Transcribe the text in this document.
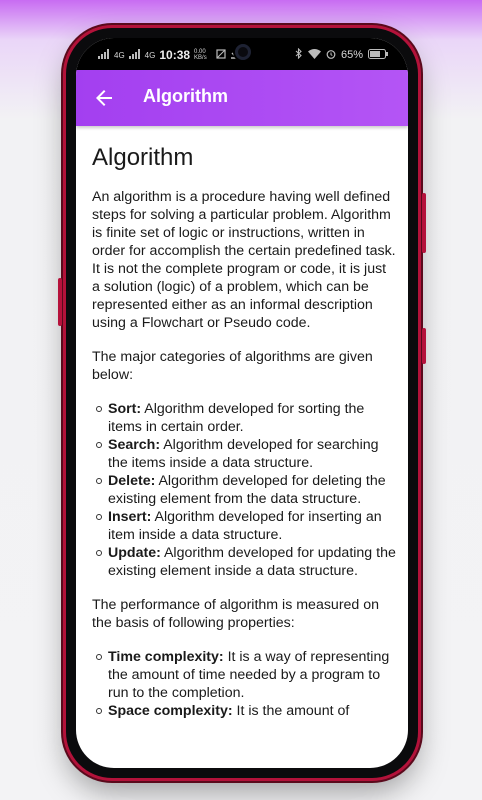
4G	4G 10:38 0.00 KB/s	65%
Algorithm
Algorithm

An algorithm is a procedure having well defined steps for solving a particular problem. Algorithm is finite set of logic or instructions, written in order for accomplish the certain predefined task. It is not the complete program or code, it is just a solution (logic) of a problem, which can be represented either as an informal description using a Flowchart or Pseudo code.

The major categories of algorithms are given below:

Sort: Algorithm developed for sorting the items in certain order.
Search: Algorithm developed for searching the items inside a data structure.
Delete: Algorithm developed for deleting the existing element from the data structure.
Insert: Algorithm developed for inserting an item inside a data structure.
Update: Algorithm developed for updating the existing element inside a data structure.

The performance of algorithm is measured on the basis of following properties:

Time complexity: It is a way of representing the amount of time needed by a program to run to the completion.
Space complexity: It is the amount of
